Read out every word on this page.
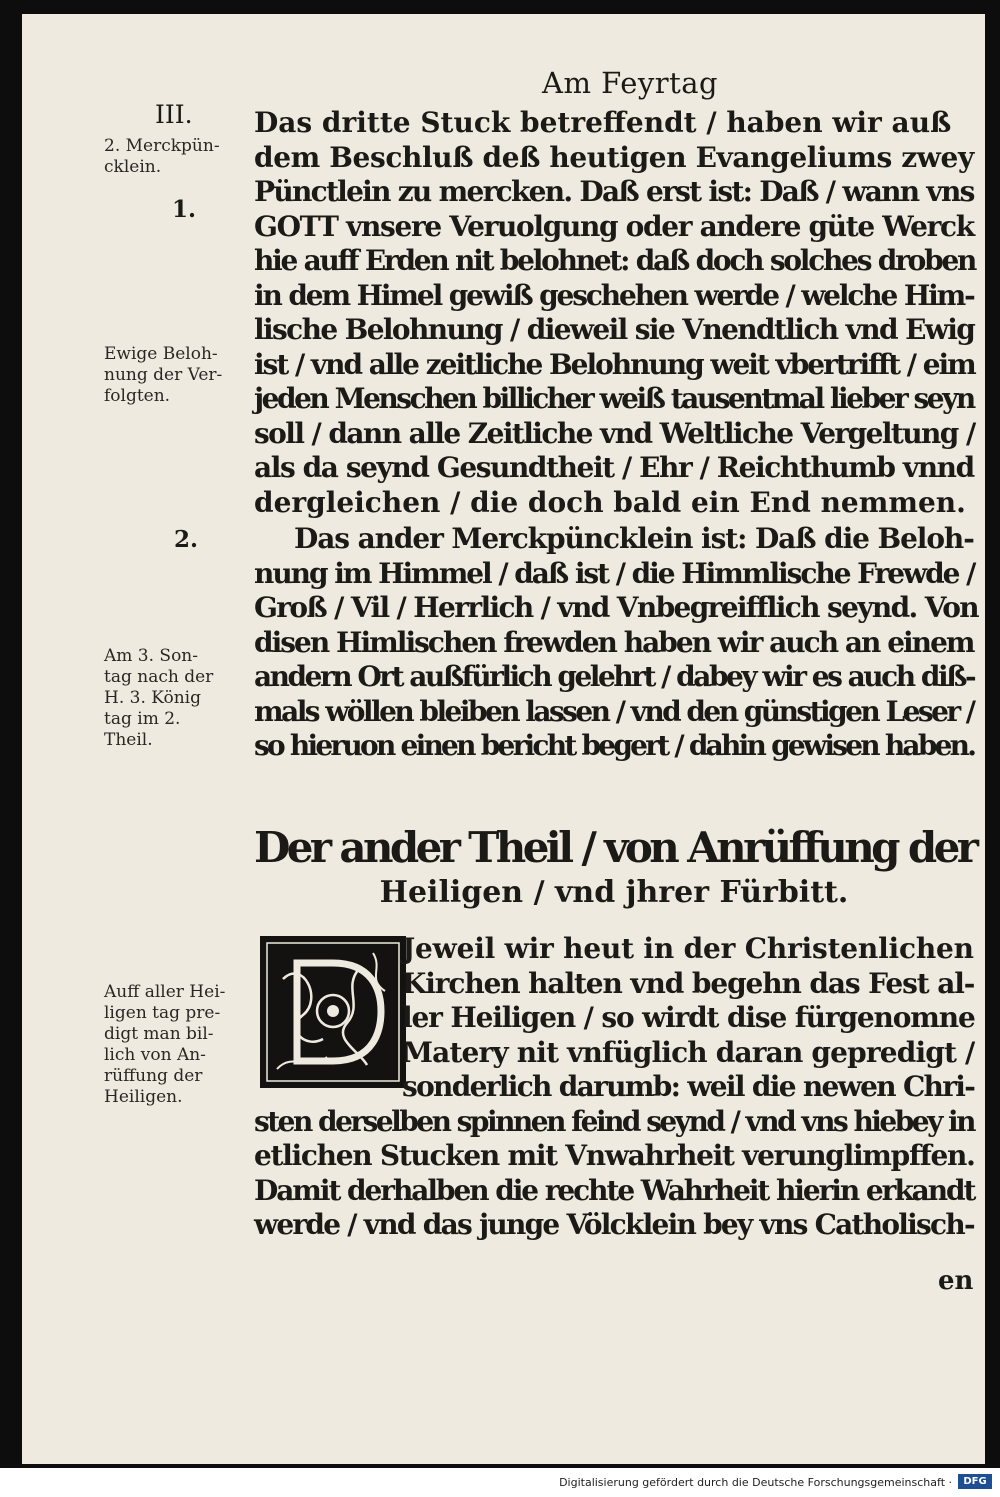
Am Feyrtag
III.
2. Merckpün-
cklein.
1.
Ewige Beloh-
nung der Ver-
folgten.
2.
Am 3. Son-
tag nach der
H. 3. König
tag im 2.
Theil.
Auff aller Hei-
ligen tag pre-
digt man bil-
lich von An-
rüffung der
Heiligen.
Das dritte Stuck betreffendt / haben wir auß
dem Beschluß deß heutigen Evangeliums zwey
Pünctlein zu mercken. Daß erst ist: Daß / wann vns
GOTT vnsere Veruolgung oder andere güte Werck
hie auff Erden nit belohnet: daß doch solches droben
in dem Himel gewiß geschehen werde / welche Him-
lische Belohnung / dieweil sie Vnendtlich vnd Ewig
ist / vnd alle zeitliche Belohnung weit vbertrifft / eim
jeden Menschen billicher weiß tausentmal lieber seyn
soll / dann alle Zeitliche vnd Weltliche Vergeltung /
als da seynd Gesundtheit / Ehr / Reichthumb vnnd
dergleichen / die doch bald ein End nemmen.
Das ander Merckpüncklein ist: Daß die Beloh-
nung im Himmel / daß ist / die Himmlische Frewde /
Groß / Vil / Herrlich / vnd Vnbegreifflich seynd. Von
disen Himlischen frewden haben wir auch an einem
andern Ort außfürlich gelehrt / dabey wir es auch diß-
mals wöllen bleiben lassen / vnd den günstigen Leser /
so hieruon einen bericht begert / dahin gewisen haben.
Der ander Theil / von Anrüffung der
Heiligen / vnd jhrer Fürbitt.
Jeweil wir heut in der Christenlichen
Kirchen halten vnd begehn das Fest al-
ler Heiligen / so wirdt dise fürgenomne
Matery nit vnfüglich daran gepredigt /
sonderlich darumb: weil die newen Chri-
sten derselben spinnen feind seynd / vnd vns hiebey in
etlichen Stucken mit Vnwahrheit verunglimpffen.
Damit derhalben die rechte Wahrheit hierin erkandt
werde / vnd das junge Völcklein bey vns Catholisch-
en
Digitalisierung gefördert durch die Deutsche Forschungsgemeinschaft ·	DFG
